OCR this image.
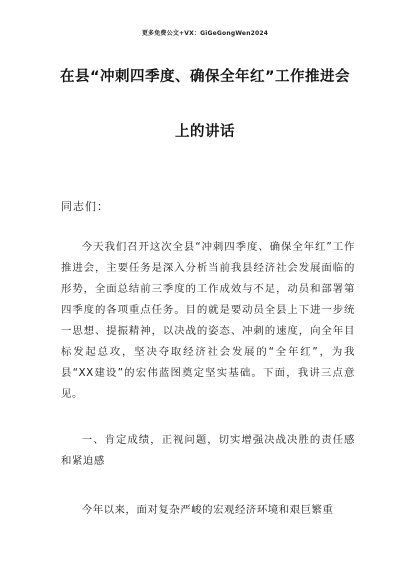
更多免费公文+VX：GiGeGongWen2024
在县“冲刺四季度、确保全年红”工作推进会
上的讲话
同志们：

今天我们召开这次全县“冲刺四季度、确保全年红”工作推进会，主要任务是深入分析当前我县经济社会发展面临的形势，全面总结前三季度的工作成效与不足，动员和部署第四季度的各项重点任务。目的就是要动员全县上下进一步统一思想、提振精神，以决战的姿态、冲刺的速度，向全年目标发起总攻，坚决夺取经济社会发展的“全年红”，为我县“XX建设”的宏伟蓝图奠定坚实基础。下面，我讲三点意见。

一、肯定成绩，正视问题，切实增强决战决胜的责任感和紧迫感

今年以来，面对复杂严峻的宏观经济环境和艰巨繁重
